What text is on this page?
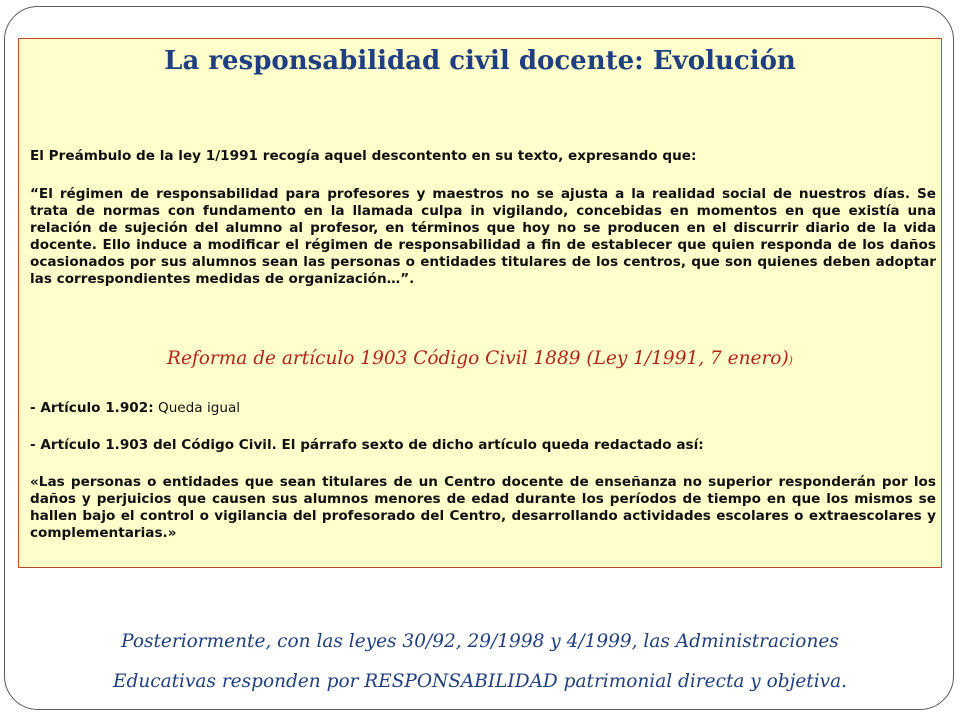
La responsabilidad civil docente: Evolución
El Preámbulo de la ley 1/1991 recogía aquel descontento en su texto, expresando que:
“El régimen de responsabilidad para profesores y maestros no se ajusta a la realidad social de nuestros días. Se trata de normas con fundamento en la llamada culpa in vigilando, concebidas en momentos en que existía una relación de sujeción del alumno al profesor, en términos que hoy no se producen en el discurrir diario de la vida docente. Ello induce a modificar el régimen de responsabilidad a fin de establecer que quien responda de los daños ocasionados por sus alumnos sean las personas o entidades titulares de los centros, que son quienes deben adoptar las correspondientes medidas de organización…”.
Reforma de artículo 1903 Código Civil 1889 (Ley 1/1991, 7 enero))
- Artículo 1.902: Queda igual
- Artículo 1.903 del Código Civil. El párrafo sexto de dicho artículo queda redactado así:
«Las personas o entidades que sean titulares de un Centro docente de enseñanza no superior responderán por los daños y perjuicios que causen sus alumnos menores de edad durante los períodos de tiempo en que los mismos se hallen bajo el control o vigilancia del profesorado del Centro, desarrollando actividades escolares o extraescolares y complementarias.»
Posteriormente, con las leyes 30/92, 29/1998 y 4/1999, las Administraciones
Educativas responden por RESPONSABILIDAD patrimonial directa y objetiva.
